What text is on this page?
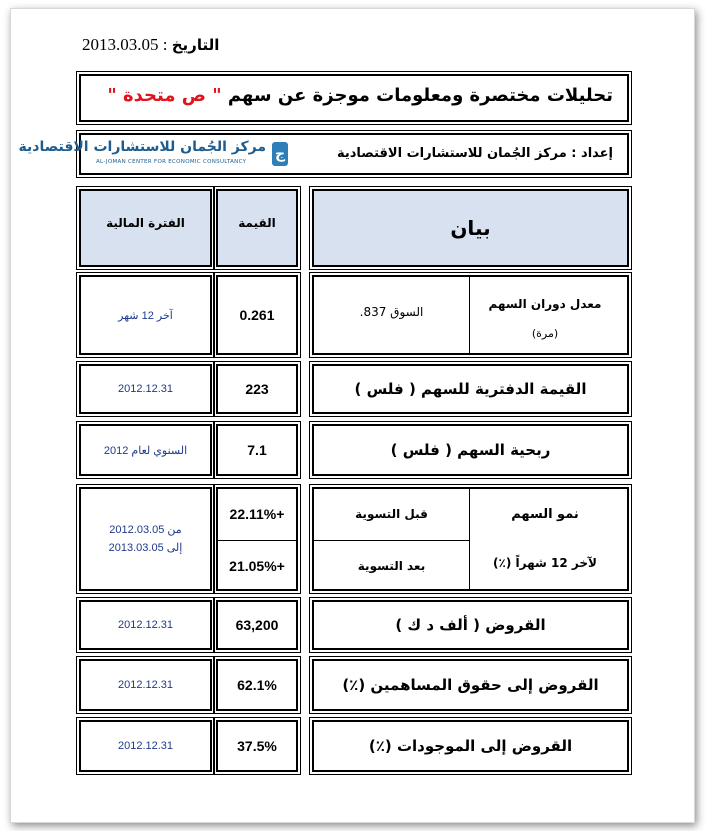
2013.03.05 : التاريخ
تحليلات مختصرة ومعلومات موجزة عن سهم " ص متحدة "
إعداد : مركز الجُمان للاستشارات الاقتصادية
مركز الجُمان للاستشارات الاقتصادية
AL-JOMAN CENTER FOR ECONOMIC CONSULTANCY	ج
بيان
القيمة
الفترة المالية
معدل دوران السهم
(مرة)
السوق 837.
0.261
آخر 12 شهر
القيمة الدفترية للسهم ( فلس )
223
2012.12.31
ربحية السهم ( فلس )
7.1
السنوي لعام 2012
نمو السهم
لآخر 12 شهراً (٪)
قبل التسوية
بعد التسوية
22.11%+
21.05%+
من 2012.03.05
إلى 2013.03.05
القروض ( ألف د ك )
63,200
2012.12.31
القروض إلى حقوق المساهمين (٪)
62.1%
2012.12.31
القروض إلى الموجودات (٪)
37.5%
2012.12.31
